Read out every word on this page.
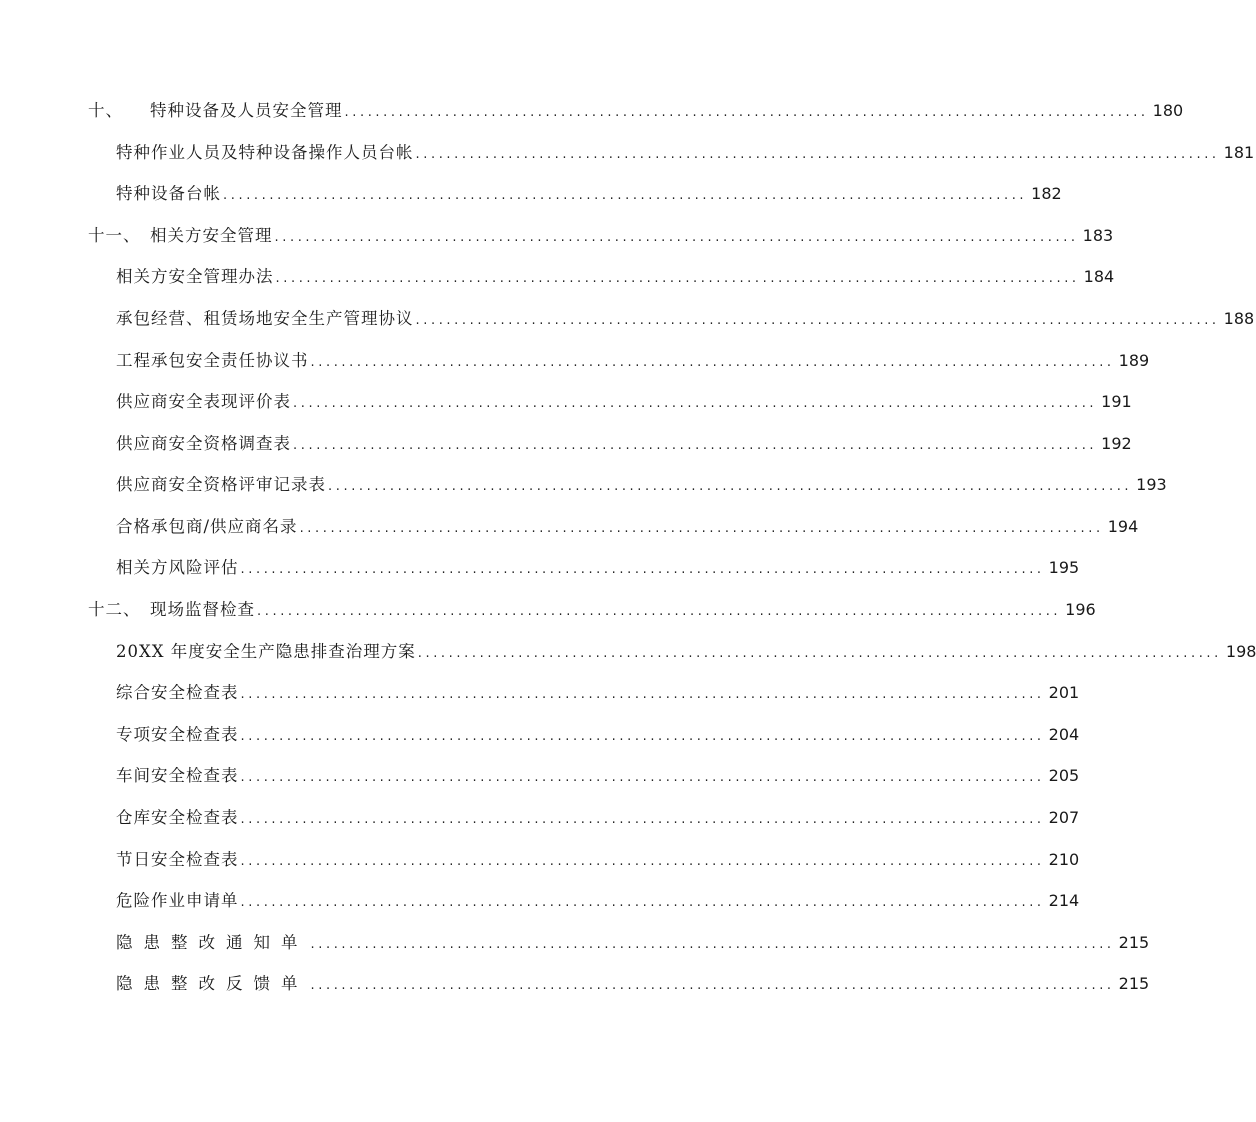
十、 特种设备及人员安全管理 ........................................................................................................ 180
特种作业人员及特种设备操作人员台帐 ........................................................................................................ 181
特种设备台帐 ........................................................................................................ 182
十一、 相关方安全管理 ........................................................................................................ 183
相关方安全管理办法 ........................................................................................................ 184
承包经营、租赁场地安全生产管理协议 ........................................................................................................ 188
工程承包安全责任协议书 ........................................................................................................ 189
供应商安全表现评价表 ........................................................................................................ 191
供应商安全资格调查表 ........................................................................................................ 192
供应商安全资格评审记录表 ........................................................................................................ 193
合格承包商/供应商名录 ........................................................................................................ 194
相关方风险评估 ........................................................................................................ 195
十二、 现场监督检查 ........................................................................................................ 196
20XX 年度安全生产隐患排查治理方案 ........................................................................................................ 198
综合安全检查表 ........................................................................................................ 201
专项安全检查表 ........................................................................................................ 204
车间安全检查表 ........................................................................................................ 205
仓库安全检查表 ........................................................................................................ 207
节日安全检查表 ........................................................................................................ 210
危险作业申请单 ........................................................................................................ 214
隐患整改通知单 ........................................................................................................ 215
隐患整改反馈单 ........................................................................................................ 215
